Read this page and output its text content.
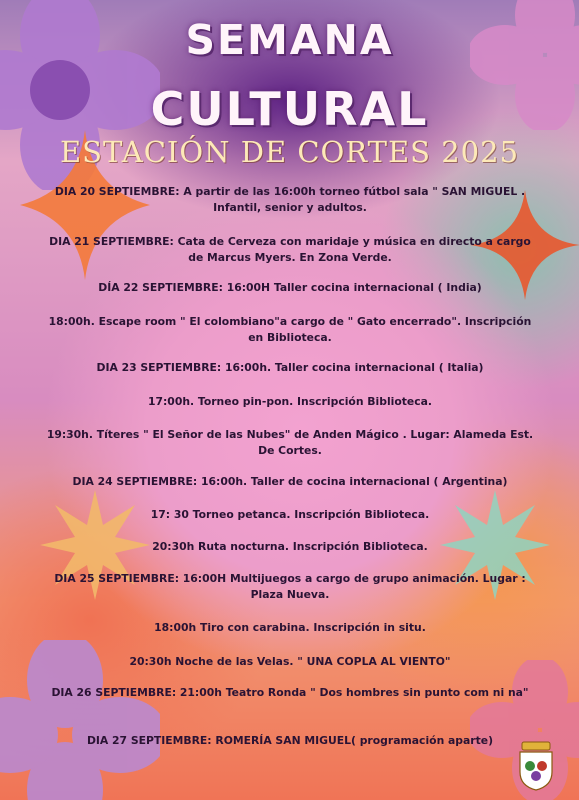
SEMANA
CULTURAL
ESTACIÓN DE CORTES 2025
DIA 20 SEPTIEMBRE: A partir de las 16:00h torneo fútbol sala " SAN MIGUEL . Infantil, senior y adultos.
DIA 21 SEPTIEMBRE: Cata de Cerveza con maridaje y música en directo a cargo de Marcus Myers. En Zona Verde.
DÍA 22 SEPTIEMBRE: 16:00H Taller cocina internacional ( India)
18:00h. Escape room " El colombiano"a cargo de " Gato encerrado". Inscripción en Biblioteca.
DIA 23 SEPTIEMBRE: 16:00h. Taller cocina internacional ( Italia)
17:00h. Torneo pin-pon. Inscripción Biblioteca.
19:30h. Títeres " El Señor de las Nubes" de Anden Mágico . Lugar: Alameda Est. De Cortes.
DIA 24 SEPTIEMBRE: 16:00h. Taller de cocina internacional ( Argentina)
17: 30 Torneo petanca. Inscripción Biblioteca.
20:30h Ruta nocturna. Inscripción Biblioteca.
DIA 25 SEPTIEMBRE: 16:00H Multijuegos a cargo de grupo animación. Lugar : Plaza Nueva.
18:00h Tiro con carabina. Inscripción in situ.
20:30h Noche de las Velas. " UNA COPLA AL VIENTO"
DIA 26 SEPTIEMBRE: 21:00h Teatro Ronda " Dos hombres sin punto com ni na"
DIA 27 SEPTIEMBRE: ROMERÍA SAN MIGUEL( programación aparte)
